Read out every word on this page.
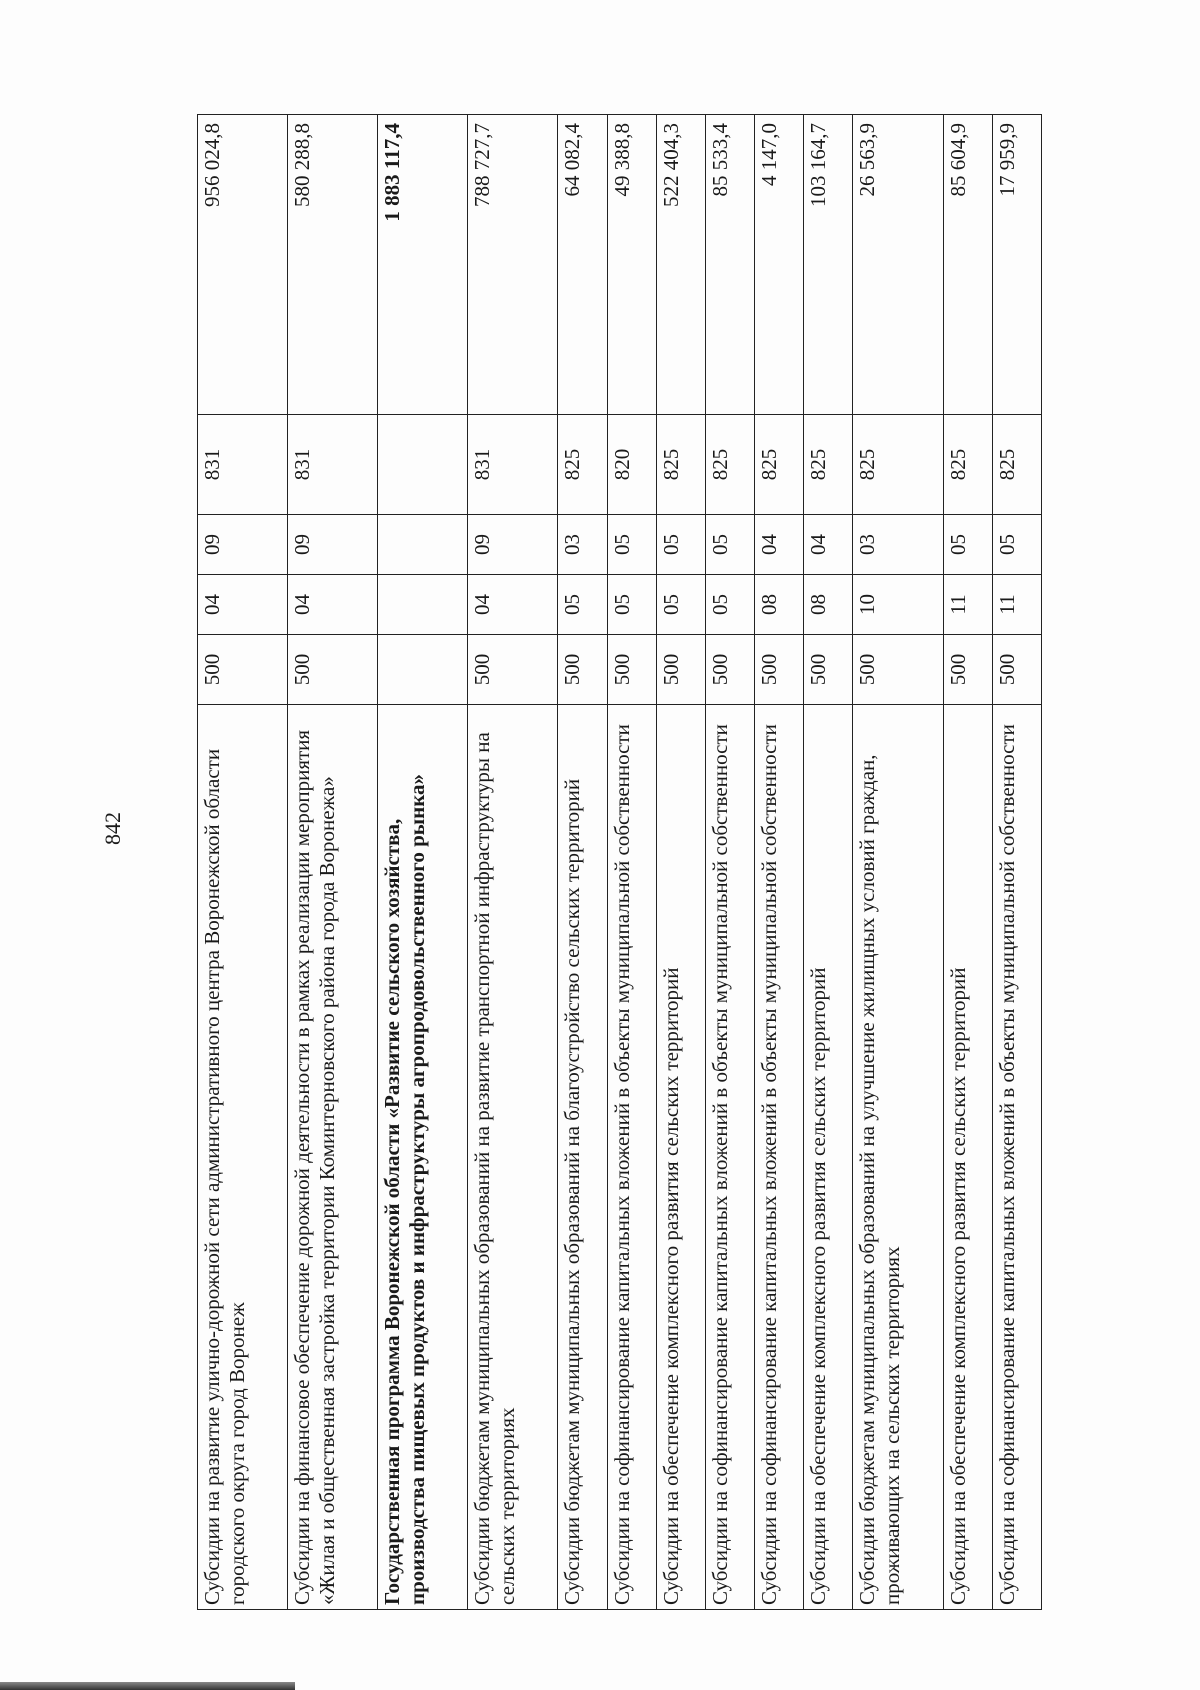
842	Субсидии на развитие улично-дорожной сети административного центра Воронежской области городского округа город Воронеж	500	04	09	831	956 024,8
Субсидии на финансовое обеспечение дорожной деятельности в рамках реализации мероприятия «Жилая и общественная застройка территории Коминтерновского района города Воронежа»	500	04	09	831	580 288,8
Государственная программа Воронежской области «Развитие сельского хозяйства, производства пищевых продуктов и инфраструктуры агропродовольственного рынка»					1 883 117,4
Субсидии бюджетам муниципальных образований на развитие транспортной инфраструктуры на сельских территориях	500	04	09	831	788 727,7
Субсидии бюджетам муниципальных образований на благоустройство сельских территорий	500	05	03	825	64 082,4
Субсидии на софинансирование капитальных вложений в объекты муниципальной собственности	500	05	05	820	49 388,8
Субсидии на обеспечение комплексного развития сельских территорий	500	05	05	825	522 404,3
Субсидии на софинансирование капитальных вложений в объекты муниципальной собственности	500	05	05	825	85 533,4
Субсидии на софинансирование капитальных вложений в объекты муниципальной собственности	500	08	04	825	4 147,0
Субсидии на обеспечение комплексного развития сельских территорий	500	08	04	825	103 164,7
Субсидии бюджетам муниципальных образований на улучшение жилищных условий граждан, проживающих на сельских территориях	500	10	03	825	26 563,9
Субсидии на обеспечение комплексного развития сельских территорий	500	11	05	825	85 604,9
Субсидии на софинансирование капитальных вложений в объекты муниципальной собственности	500	11	05	825	17 959,9
